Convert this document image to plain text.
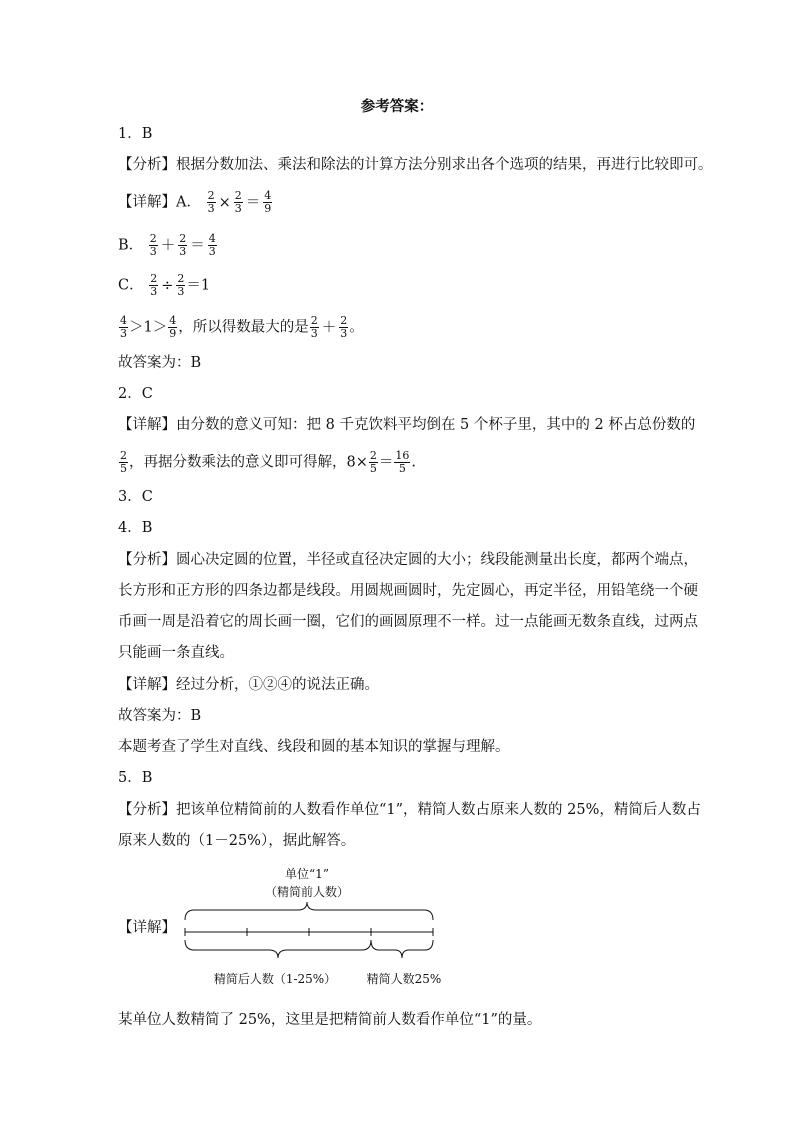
参考答案：
1．B
【分析】根据分数加法、乘法和除法的计算方法分别求出各个选项的结果，再进行比较即可。
【详解】A． $\frac{2}{3} \times \frac{2}{3} = \frac{4}{9}$
B． $\frac{2}{3} + \frac{2}{3} = \frac{4}{3}$
C． $\frac{2}{3} \div \frac{2}{3} =1$
$\frac{4}{3} >1> \frac{4}{9}$ ，所以得数最大的是 $\frac{2}{3} + \frac{2}{3}$ 。
故答案为：B
2．C
【详解】由分数的意义可知：把 8 千克饮料平均倒在 5 个杯子里，其中的 2 杯占总份数的
$\frac{2}{5}$ ，再据分数乘法的意义即可得解，$8\times \frac{2}{5} = \frac{16}{5}$ .
3．C
4．B
【分析】圆心决定圆的位置，半径或直径决定圆的大小；线段能测量出长度，都两个端点，
长方形和正方形的四条边都是线段。用圆规画圆时，先定圆心，再定半径，用铅笔绕一个硬
币画一周是沿着它的周长画一圈，它们的画圆原理不一样。过一点能画无数条直线，过两点
只能画一条直线。
【详解】经过分析，①②④的说法正确。
故答案为：B
本题考查了学生对直线、线段和圆的基本知识的掌握与理解。
5．B
【分析】把该单位精简前的人数看作单位“1”，精简人数占原来人数的 25%，精简后人数占
原来人数的（1－25%），据此解答。
【详解】
单位“1”
（精简前人数）
精简后人数（1-25%）	精简人数25%
某单位人数精简了 25%，这里是把精简前人数看作单位“1”的量。
